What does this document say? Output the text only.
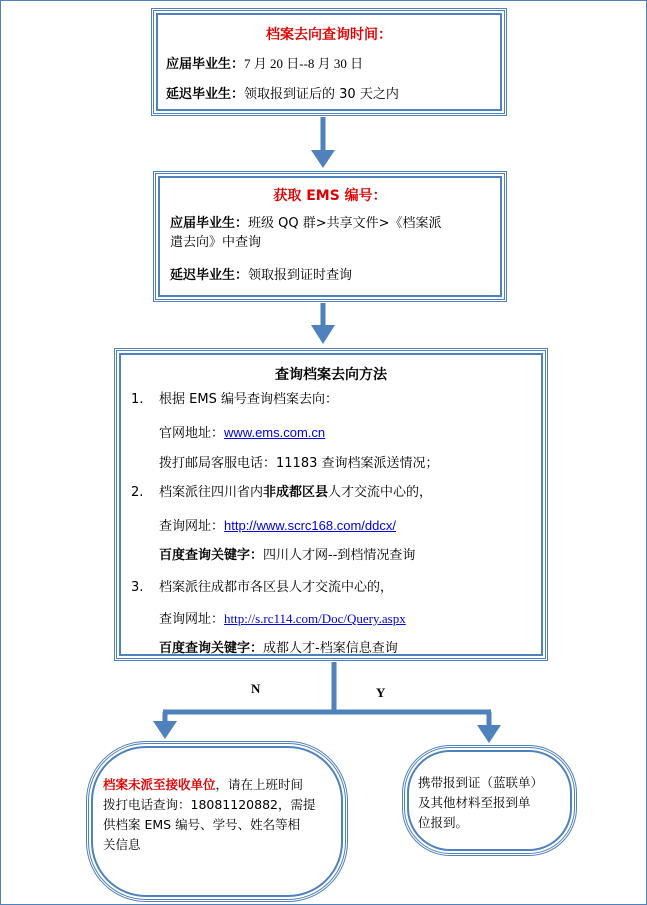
档案去向查询时间：
应届毕业生：7 月 20 日--8 月 30 日
延迟毕业生：领取报到证后的 30 天之内
获取 EMS 编号：
应届毕业生：班级 QQ 群>共享文件>《档案派
遣去向》中查询
延迟毕业生：领取报到证时查询
查询档案去向方法
1. 根据 EMS 编号查询档案去向：
官网地址：www.ems.com.cn
拨打邮局客服电话：11183 查询档案派送情况；
2. 档案派往四川省内非成都区县人才交流中心的，
查询网址：http://www.scrc168.com/ddcx/
百度查询关键字：四川人才网--到档情况查询
3. 档案派往成都市各区县人才交流中心的，
查询网址：http://s.rc114.com/Doc/Query.aspx
百度查询关键字：成都人才-档案信息查询
N	Y
档案未派至接收单位，请在上班时间
拨打电话查询：18081120882，需提
供档案 EMS 编号、学号、姓名等相
关信息
携带报到证（蓝联单）
及其他材料至报到单
位报到。
